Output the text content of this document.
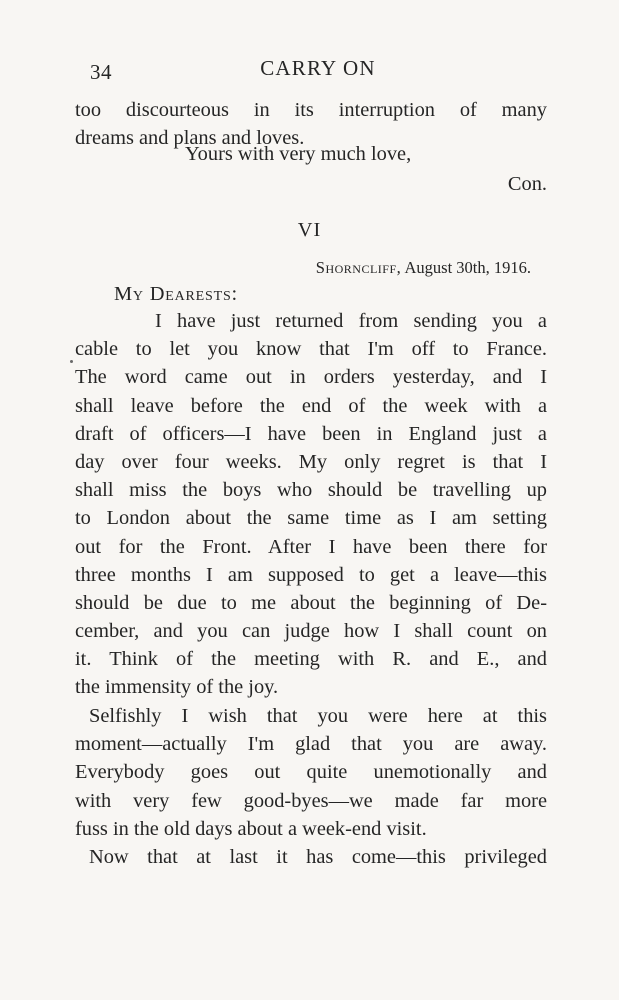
34	CARRY ON
too discourteous in its interruption of many
dreams and plans and loves.
Yours with very much love,
Con.
VI
Shorncliff, August 30th, 1916.
My Dearests:
I have just returned from sending you a
cable to let you know that I'm off to France.
The word came out in orders yesterday, and I
shall leave before the end of the week with a
draft of officers—I have been in England just a
day over four weeks. My only regret is that I
shall miss the boys who should be travelling up
to London about the same time as I am setting
out for the Front. After I have been there for
three months I am supposed to get a leave—this
should be due to me about the beginning of De-
cember, and you can judge how I shall count on
it. Think of the meeting with R. and E., and
the immensity of the joy.
Selfishly I wish that you were here at this
moment—actually I'm glad that you are away.
Everybody goes out quite unemotionally and
with very few good-byes—we made far more
fuss in the old days about a week-end visit.
Now that at last it has come—this privileged
